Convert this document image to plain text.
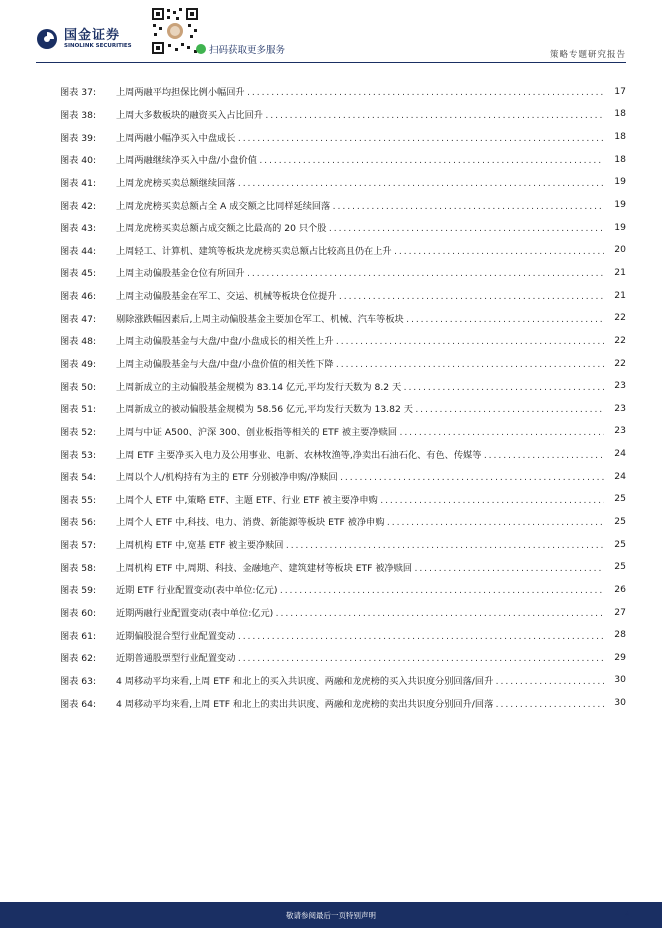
国金证券
SINOLINK SECURITIES	扫码获取更多服务	策略专题研究报告
图表 37:	上周两融平均担保比例小幅回升 . . .	17
图表 38:	上周大多数板块的融资买入占比回升 . . .	18
图表 39:	上周两融小幅净买入中盘成长 . . .	18
图表 40:	上周两融继续净买入中盘/小盘价值 . . .	18
图表 41:	上周龙虎榜买卖总额继续回落 . . .	19
图表 42:	上周龙虎榜买卖总额占全 A 成交额之比同样延续回落 . . .	19
图表 43:	上周龙虎榜买卖总额占成交额之比最高的 20 只个股 . . .	19
图表 44:	上周轻工、计算机、建筑等板块龙虎榜买卖总额占比较高且仍在上升 . . .	20
图表 45:	上周主动偏股基金仓位有所回升 . . .	21
图表 46:	上周主动偏股基金在军工、交运、机械等板块仓位提升 . . .	21
图表 47:	剔除涨跌幅因素后,上周主动偏股基金主要加仓军工、机械、汽车等板块 . . .	22
图表 48:	上周主动偏股基金与大盘/中盘/小盘成长的相关性上升 . . .	22
图表 49:	上周主动偏股基金与大盘/中盘/小盘价值的相关性下降 . . .	22
图表 50:	上周新成立的主动偏股基金规模为 83.14 亿元,平均发行天数为 8.2 天 . . .	23
图表 51:	上周新成立的被动偏股基金规模为 58.56 亿元,平均发行天数为 13.82 天 . . .	23
图表 52:	上周与中证 A500、沪深 300、创业板指等相关的 ETF 被主要净赎回 . . .	23
图表 53:	上周 ETF 主要净买入电力及公用事业、电新、农林牧渔等,净卖出石油石化、有色、传媒等 . . .	24
图表 54:	上周以个人/机构持有为主的 ETF 分别被净申购/净赎回 . . .	24
图表 55:	上周个人 ETF 中,策略 ETF、主题 ETF、行业 ETF 被主要净申购 . . .	25
图表 56:	上周个人 ETF 中,科技、电力、消费、新能源等板块 ETF 被净申购 . . .	25
图表 57:	上周机构 ETF 中,宽基 ETF 被主要净赎回 . . .	25
图表 58:	上周机构 ETF 中,周期、科技、金融地产、建筑建材等板块 ETF 被净赎回 . . .	25
图表 59:	近期 ETF 行业配置变动(表中单位:亿元) . . .	26
图表 60:	近期两融行业配置变动(表中单位:亿元) . . .	27
图表 61:	近期偏股混合型行业配置变动 . . .	28
图表 62:	近期普通股票型行业配置变动 . . .	29
图表 63:	4 周移动平均来看,上周 ETF 和北上的买入共识度、两融和龙虎榜的买入共识度分别回落/回升 . . .	30
图表 64:	4 周移动平均来看,上周 ETF 和北上的卖出共识度、两融和龙虎榜的卖出共识度分别回升/回落 . . .	30
敬请参阅最后一页特别声明	4
